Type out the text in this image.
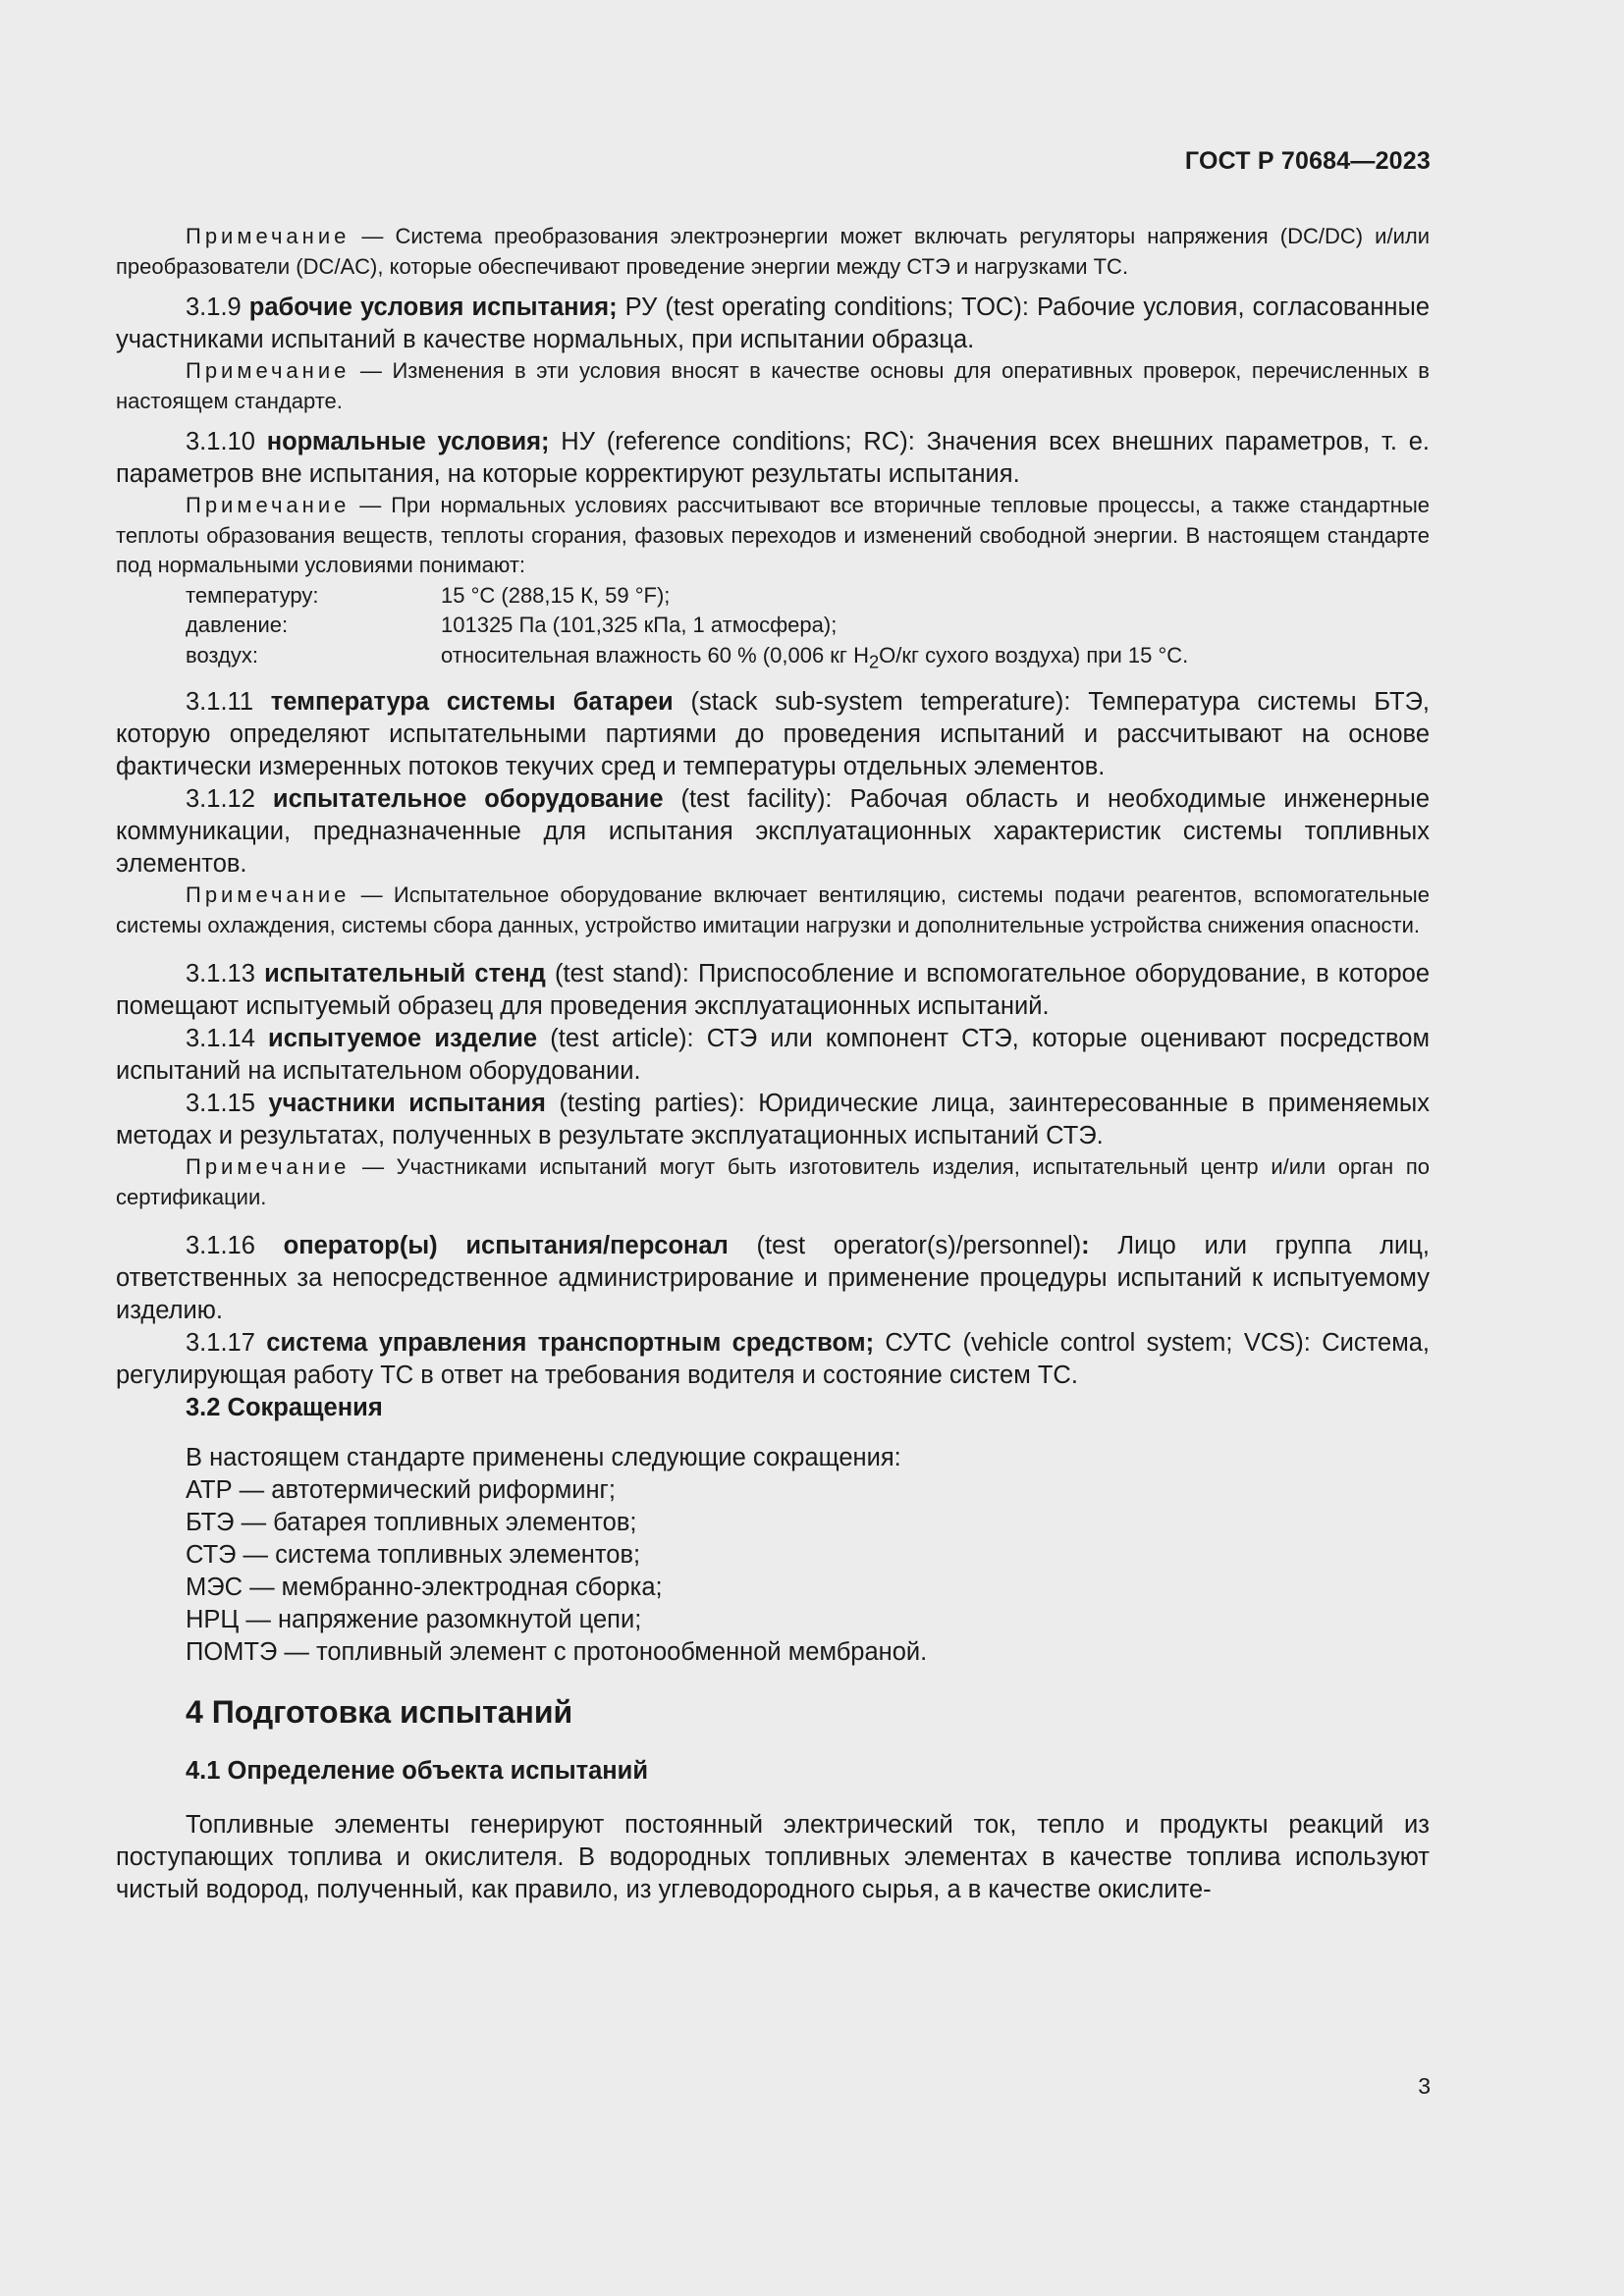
ГОСТ Р 70684—2023

Примечание — Система преобразования электроэнергии может включать регуляторы напряжения (DC/DC) и/или преобразователи (DC/AC), которые обеспечивают проведение энергии между СТЭ и нагрузками ТС.

3.1.9 рабочие условия испытания; РУ (test operating conditions; TOC): Рабочие условия, согласованные участниками испытаний в качестве нормальных, при испытании образца.

Примечание — Изменения в эти условия вносят в качестве основы для оперативных проверок, перечисленных в настоящем стандарте.

3.1.10 нормальные условия; НУ (reference conditions; RC): Значения всех внешних параметров, т. е. параметров вне испытания, на которые корректируют результаты испытания.

Примечание — При нормальных условиях рассчитывают все вторичные тепловые процессы, а также стандартные теплоты образования веществ, теплоты сгорания, фазовых переходов и изменений свободной энергии. В настоящем стандарте под нормальными условиями понимают:

температуру:	15 °С (288,15 К, 59 °F);
давление:	101325 Па (101,325 кПа, 1 атмосфера);
воздух:	относительная влажность 60 % (0,006 кг $H_2O/кг$ сухого воздуха) при 15 °С.

3.1.11 температура системы батареи (stack sub-system temperature): Температура системы БТЭ, которую определяют испытательными партиями до проведения испытаний и рассчитывают на основе фактически измеренных потоков текучих сред и температуры отдельных элементов.

3.1.12 испытательное оборудование (test facility): Рабочая область и необходимые инженерные коммуникации, предназначенные для испытания эксплуатационных характеристик системы топливных элементов.

Примечание — Испытательное оборудование включает вентиляцию, системы подачи реагентов, вспомогательные системы охлаждения, системы сбора данных, устройство имитации нагрузки и дополнительные устройства снижения опасности.

3.1.13 испытательный стенд (test stand): Приспособление и вспомогательное оборудование, в которое помещают испытуемый образец для проведения эксплуатационных испытаний.

3.1.14 испытуемое изделие (test article): СТЭ или компонент СТЭ, которые оценивают посредством испытаний на испытательном оборудовании.

3.1.15 участники испытания (testing parties): Юридические лица, заинтересованные в применяемых методах и результатах, полученных в результате эксплуатационных испытаний СТЭ.

Примечание — Участниками испытаний могут быть изготовитель изделия, испытательный центр и/или орган по сертификации.

3.1.16 оператор(ы) испытания/персонал (test operator(s)/personnel): Лицо или группа лиц, ответственных за непосредственное администрирование и применение процедуры испытаний к испытуемому изделию.

3.1.17 система управления транспортным средством; СУТС (vehicle control system; VCS): Система, регулирующая работу ТС в ответ на требования водителя и состояние систем ТС.

3.2 Сокращения

В настоящем стандарте применены следующие сокращения:

АТР — автотермический риформинг;

БТЭ — батарея топливных элементов;

СТЭ — система топливных элементов;

МЭС — мембранно-электродная сборка;

НРЦ — напряжение разомкнутой цепи;

ПОМТЭ — топливный элемент с протонообменной мембраной.

4 Подготовка испытаний

4.1 Определение объекта испытаний

Топливные элементы генерируют постоянный электрический ток, тепло и продукты реакций из поступающих топлива и окислителя. В водородных топливных элементах в качестве топлива используют чистый водород, полученный, как правило, из углеводородного сырья, а в качестве окислите-

3
